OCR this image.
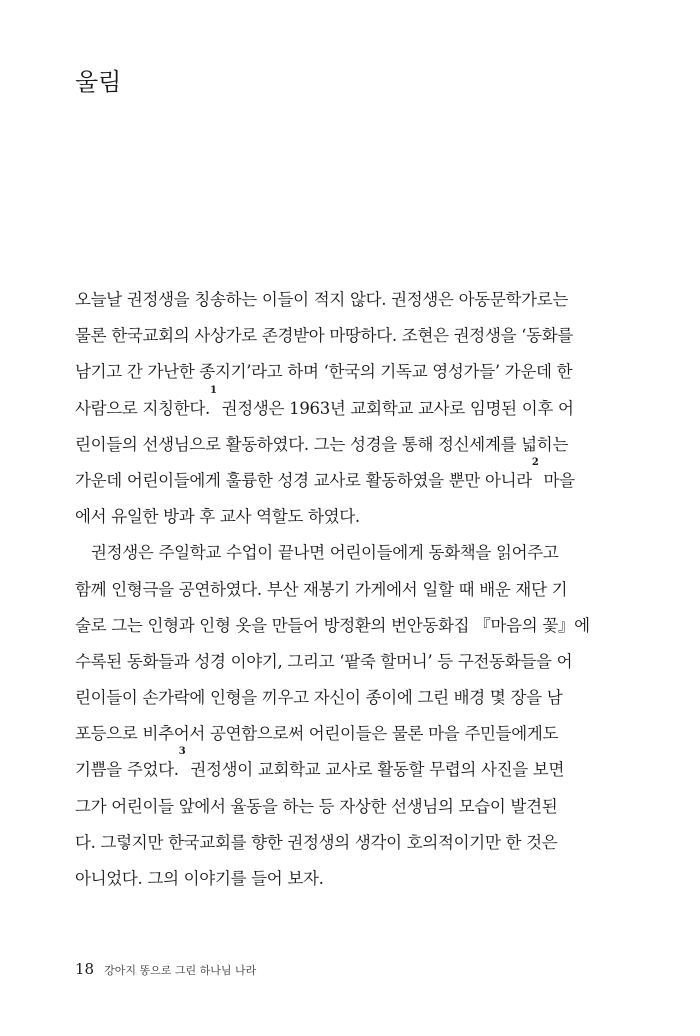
울림
오늘날 권정생을 칭송하는 이들이 적지 않다. 권정생은 아동문학가로는
물론 한국교회의 사상가로 존경받아 마땅하다. 조현은 권정생을 ‘동화를
남기고 간 가난한 종지기’라고 하며 ‘한국의 기독교 영성가들’ 가운데 한
사람으로 지칭한다.
1
권정생은 1963년 교회학교 교사로 임명된 이후 어
린이들의 선생님으로 활동하였다. 그는 성경을 통해 정신세계를 넓히는
가운데 어린이들에게 훌륭한 성경 교사로 활동하였을 뿐만 아니라
2
마을
에서 유일한 방과 후 교사 역할도 하였다.
권정생은 주일학교 수업이 끝나면 어린이들에게 동화책을 읽어주고
함께 인형극을 공연하였다. 부산 재봉기 가게에서 일할 때 배운 재단 기
술로 그는 인형과 인형 옷을 만들어 방정환의 번안동화집 『마음의 꽃』에
수록된 동화들과 성경 이야기, 그리고 ‘팥죽 할머니’ 등 구전동화들을 어
린이들이 손가락에 인형을 끼우고 자신이 종이에 그린 배경 몇 장을 남
포등으로 비추어서 공연함으로써 어린이들은 물론 마을 주민들에게도
기쁨을 주었다.
3
권정생이 교회학교 교사로 활동할 무렵의 사진을 보면
그가 어린이들 앞에서 율동을 하는 등 자상한 선생님의 모습이 발견된
다. 그렇지만 한국교회를 향한 권정생의 생각이 호의적이기만 한 것은
아니었다. 그의 이야기를 들어 보자.
18 강아지 똥으로 그린 하나님 나라
